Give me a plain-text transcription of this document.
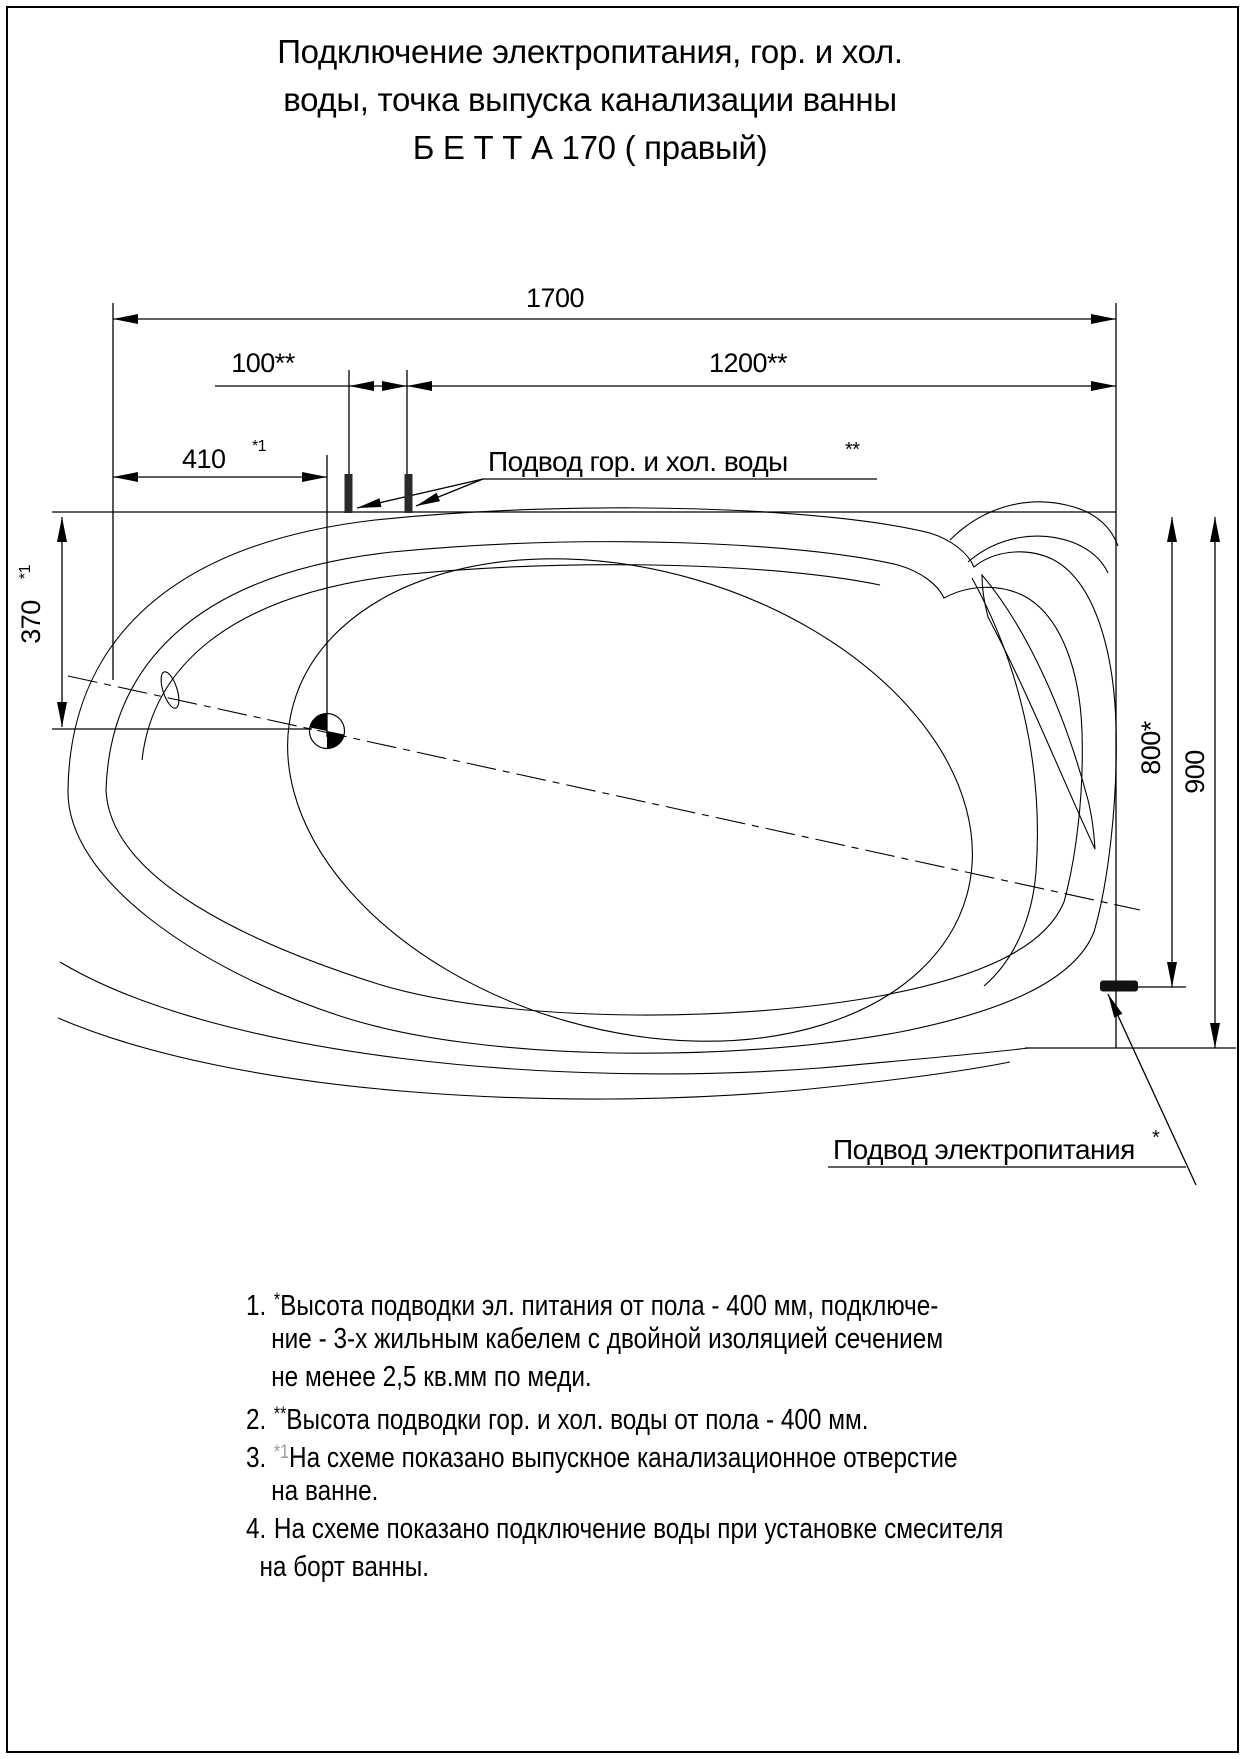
Подключение электропитания, гор. и хол.
воды, точка выпуска канализации ванны
Б Е Т Т А 170 ( правый)
1700
100**	1200**
410 *1
370
*1
800* 900
Подвод гор. и хол. воды	**
Подвод электропитания *
1. *Высота подводки эл. питания от пола - 400 мм, подключе-
ние - 3-х жильным кабелем с двойной изоляцией сечением
не менее 2,5 кв.мм по меди.
2. **Высота подводки гор. и хол. воды от пола - 400 мм.
3. $^{*1}$На схеме показано выпускное канализационное отверстие
на ванне.
4. На схеме показано подключение воды при установке смесителя
на борт ванны.
